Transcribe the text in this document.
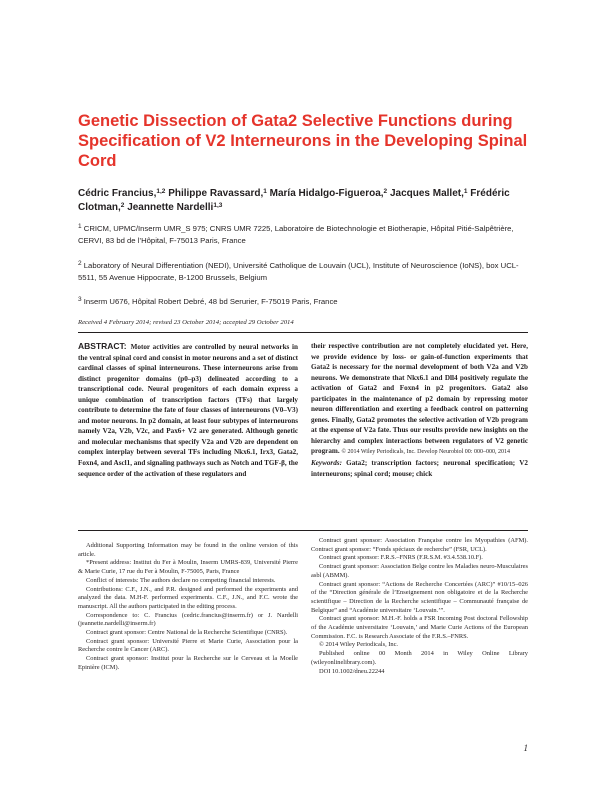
Genetic Dissection of Gata2 Selective Functions during Specification of V2 Interneurons in the Developing Spinal Cord

Cédric Francius,$^{1,2}$ Philippe Ravassard,$^1$ María Hidalgo-Figueroa,$^2$ Jacques Mallet,$^1$ Frédéric Clotman,$^2$ Jeannette Nardelli$^{1,3}$

$^1$ CRICM, UPMC/Inserm UMR_S 975; CNRS UMR 7225, Laboratoire de Biotechnologie et Biotherapie, Hôpital Pitié-Salpêtrière, CERVI, 83 bd de l’Hôpital, F-75013 Paris, France

$^2$ Laboratory of Neural Differentiation (NEDI), Université Catholique de Louvain (UCL), Institute of Neuroscience (IoNS), box UCL-5511, 55 Avenue Hippocrate, B-1200 Brussels, Belgium

$^3$ Inserm U676, Hôpital Robert Debré, 48 bd Serurier, F-75019 Paris, France

Received 4 February 2014; revised 23 October 2014; accepted 29 October 2014

ABSTRACT: Motor activities are controlled by neural networks in the ventral spinal cord and consist in motor neurons and a set of distinct cardinal classes of spinal interneurons. These interneurons arise from distinct progenitor domains (p0–p3) delineated according to a transcriptional code. Neural progenitors of each domain express a unique combination of transcription factors (TFs) that largely contribute to determine the fate of four classes of interneurons (V0–V3) and motor neurons. In p2 domain, at least four subtypes of interneurons namely V2a, V2b, V2c, and Pax6+ V2 are generated. Although genetic and molecular mechanisms that specify V2a and V2b are dependent on complex interplay between several TFs including Nkx6.1, Irx3, Gata2, Foxn4, and Ascl1, and signaling pathways such as Notch and TGF-β, the sequence order of the activation of these regulators and

their respective contribution are not completely elucidated yet. Here, we provide evidence by loss- or gain-of-function experiments that Gata2 is necessary for the normal development of both V2a and V2b neurons. We demonstrate that Nkx6.1 and Dll4 positively regulate the activation of Gata2 and Foxn4 in p2 progenitors. Gata2 also participates in the maintenance of p2 domain by repressing motor neuron differentiation and exerting a feedback control on patterning genes. Finally, Gata2 promotes the selective activation of V2b program at the expense of V2a fate. Thus our results provide new insights on the hierarchy and complex interactions between regulators of V2 genetic program. © 2014 Wiley Periodicals, Inc. Develop Neurobiol 00: 000–000, 2014
Keywords: Gata2; transcription factors; neuronal specification; V2 interneurons; spinal cord; mouse; chick

Additional Supporting Information may be found in the online version of this article.

*Present address: Institut du Fer à Moulin, Inserm UMRS-839, Université Pierre & Marie Curie, 17 rue du Fer à Moulin, F-75005, Paris, France

Conflict of interests: The authors declare no competing financial interests.

Contributions: C.F., J.N., and P.R. designed and performed the experiments and analyzed the data. M.H-F. performed experiments. C.F., J.N., and F.C. wrote the manuscript. All the authors participated in the editing process.

Correspondence to: C. Francius (cedric.francius@inserm.fr) or J. Nardelli (jeannette.nardelli@inserm.fr)

Contract grant sponsor: Centre National de la Recherche Scientifique (CNRS).

Contract grant sponsor: Université Pierre et Marie Curie, Association pour la Recherche contre le Cancer (ARC).

Contract grant sponsor: Institut pour la Recherche sur le Cerveau et la Moelle Epinière (ICM).

Contract grant sponsor: Association Française contre les Myopathies (AFM). Contract grant sponsor: “Fonds spéciaux de recherche” (FSR, UCL).

Contract grant sponsor: F.R.S.–FNRS (F.R.S.M. #3.4.538.10.F).

Contract grant sponsor: Association Belge contre les Maladies neuro-Musculaires asbl (ABMM).

Contract grant sponsor: “Actions de Recherche Concertées (ARC)” #10/15–026 of the “Direction générale de l’Enseignement non obligatoire et de la Recherche scientifique – Direction de la Recherche scientifique – Communauté française de Belgique” and “Académie universitaire ‘Louvain.’”.

Contract grant sponsor: M.H.-F. holds a FSR Incoming Post doctoral Fellowship of the Académie universitaire ‘Louvain,’ and Marie Curie Actions of the European Commission. F.C. is Research Associate of the F.R.S.–FNRS.

© 2014 Wiley Periodicals, Inc.

Published online 00 Month 2014 in Wiley Online Library (wileyonlinelibrary.com).

DOI 10.1002/dneu.22244

1
